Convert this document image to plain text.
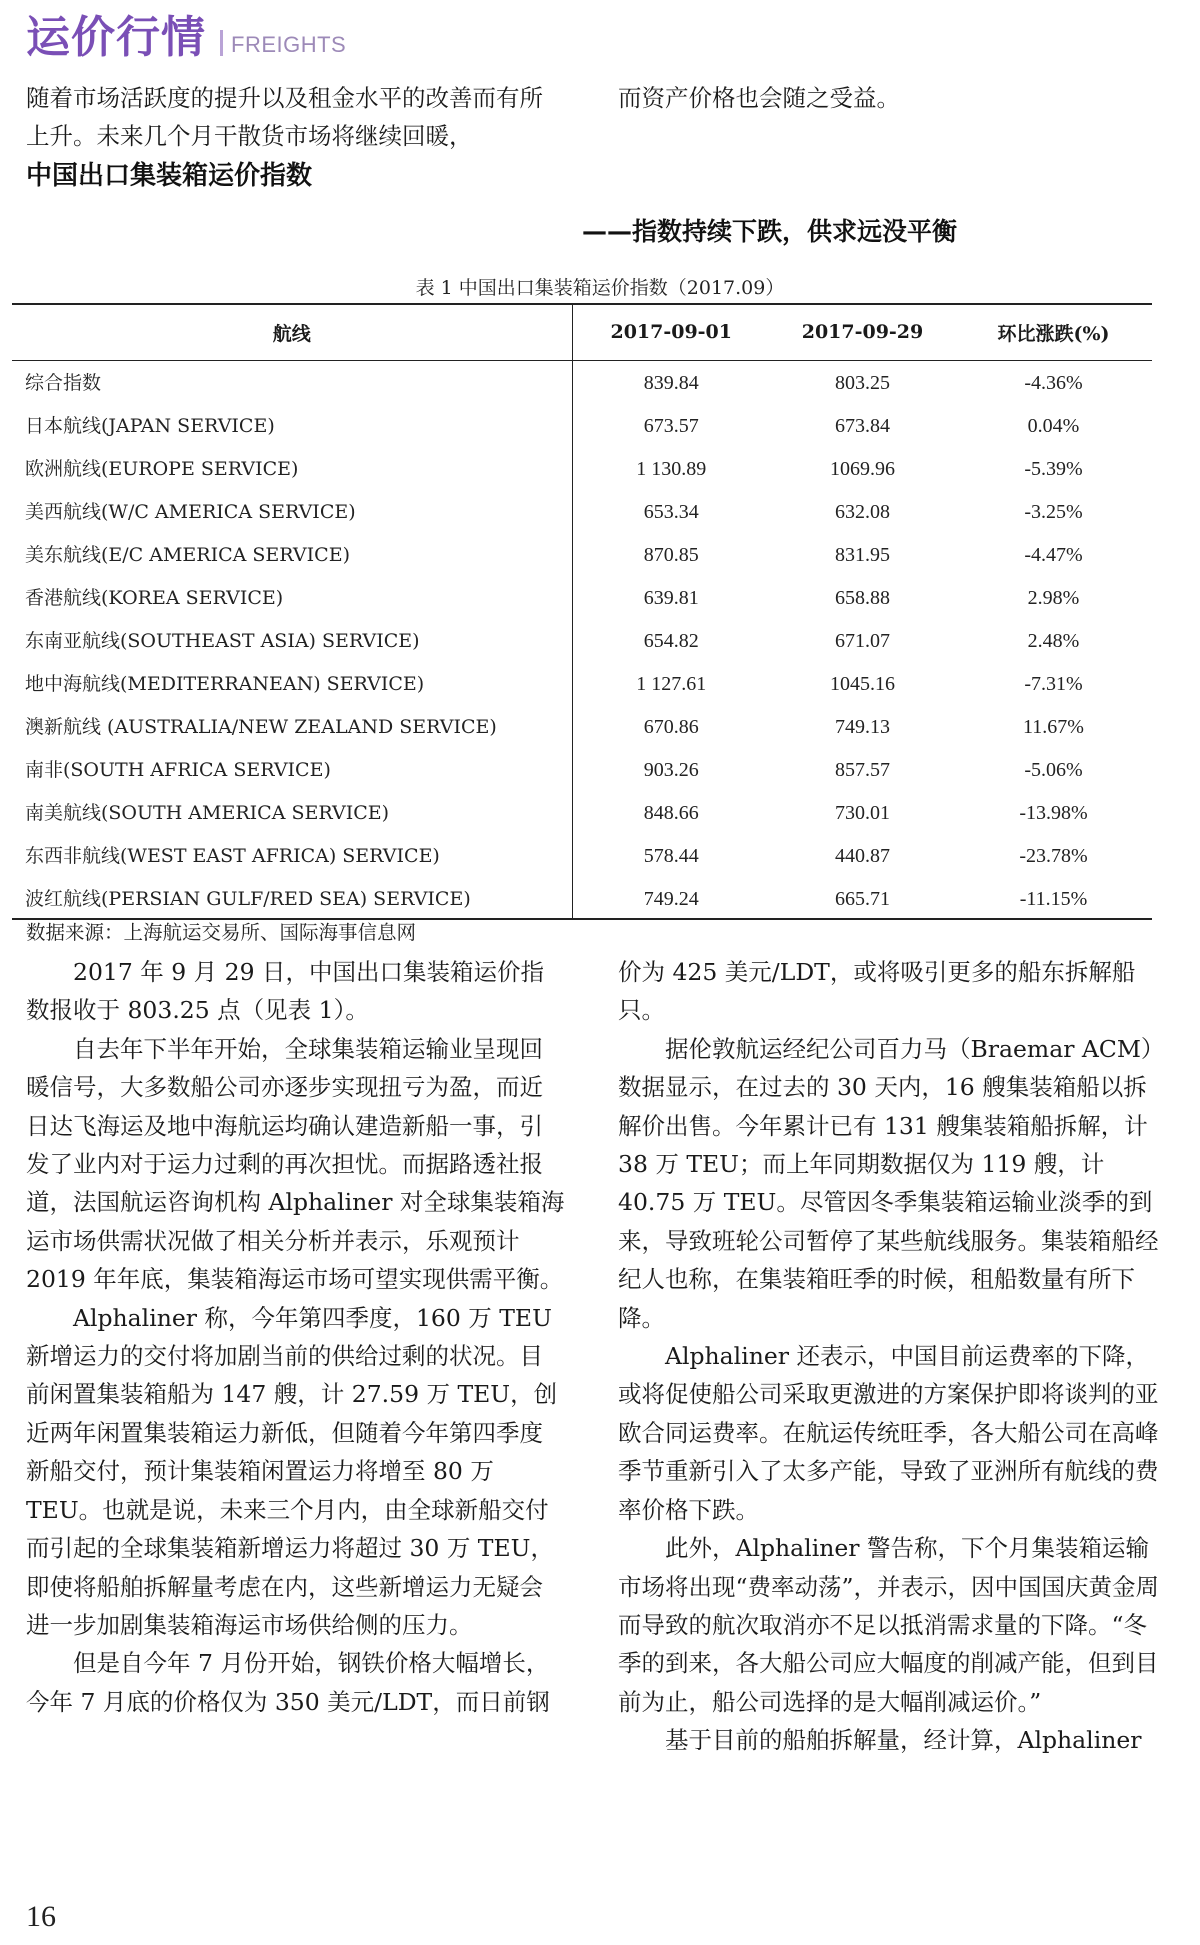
运价行情 FREIGHTS

随着市场活跃度的提升以及租金水平的改善而有所上升。未来几个月干散货市场将继续回暖，

而资产价格也会随之受益。

中国出口集装箱运价指数
——指数持续下跌，供求远没平衡
表 1 中国出口集装箱运价指数（2017.09）
航线	2017-09-01	2017-09-29	环比涨跌(%)
综合指数	839.84	803.25	-4.36%
日本航线(JAPAN SERVICE)	673.57	673.84	0.04%
欧洲航线(EUROPE SERVICE)	1 130.89	1069.96	-5.39%
美西航线(W/C AMERICA SERVICE)	653.34	632.08	-3.25%
美东航线(E/C AMERICA SERVICE)	870.85	831.95	-4.47%
香港航线(KOREA SERVICE)	639.81	658.88	2.98%
东南亚航线(SOUTHEAST ASIA) SERVICE)	654.82	671.07	2.48%
地中海航线(MEDITERRANEAN) SERVICE)	1 127.61	1045.16	-7.31%
澳新航线 (AUSTRALIA/NEW ZEALAND SERVICE)	670.86	749.13	11.67%
南非(SOUTH AFRICA SERVICE)	903.26	857.57	-5.06%
南美航线(SOUTH AMERICA SERVICE)	848.66	730.01	-13.98%
东西非航线(WEST EAST AFRICA) SERVICE)	578.44	440.87	-23.78%
波红航线(PERSIAN GULF/RED SEA) SERVICE)	749.24	665.71	-11.15%
数据来源：上海航运交易所、国际海事信息网

2017 年 9 月 29 日，中国出口集装箱运价指数报收于 803.25 点（见表 1）。

自去年下半年开始，全球集装箱运输业呈现回暖信号，大多数船公司亦逐步实现扭亏为盈，而近日达飞海运及地中海航运均确认建造新船一事，引发了业内对于运力过剩的再次担忧。而据路透社报道，法国航运咨询机构 Alphaliner 对全球集装箱海运市场供需状况做了相关分析并表示，乐观预计 2019 年年底，集装箱海运市场可望实现供需平衡。

Alphaliner 称，今年第四季度，160 万 TEU 新增运力的交付将加剧当前的供给过剩的状况。目前闲置集装箱船为 147 艘，计 27.59 万 TEU，创近两年闲置集装箱运力新低，但随着今年第四季度新船交付，预计集装箱闲置运力将增至 80 万 TEU。也就是说，未来三个月内，由全球新船交付而引起的全球集装箱新增运力将超过 30 万 TEU，即使将船舶拆解量考虑在内，这些新增运力无疑会进一步加剧集装箱海运市场供给侧的压力。

但是自今年 7 月份开始，钢铁价格大幅增长，今年 7 月底的价格仅为 350 美元/LDT，而日前钢

价为 425 美元/LDT，或将吸引更多的船东拆解船只。

据伦敦航运经纪公司百力马（Braemar ACM）数据显示，在过去的 30 天内，16 艘集装箱船以拆解价出售。今年累计已有 131 艘集装箱船拆解，计 38 万 TEU；而上年同期数据仅为 119 艘，计 40.75 万 TEU。尽管因冬季集装箱运输业淡季的到来，导致班轮公司暂停了某些航线服务。集装箱船经纪人也称，在集装箱旺季的时候，租船数量有所下降。

Alphaliner 还表示，中国目前运费率的下降，或将促使船公司采取更激进的方案保护即将谈判的亚欧合同运费率。在航运传统旺季，各大船公司在高峰季节重新引入了太多产能，导致了亚洲所有航线的费率价格下跌。

此外，Alphaliner 警告称，下个月集装箱运输市场将出现“费率动荡”，并表示，因中国国庆黄金周而导致的航次取消亦不足以抵消需求量的下降。“冬季的到来，各大船公司应大幅度的削减产能，但到目前为止，船公司选择的是大幅削减运价。”

基于目前的船舶拆解量，经计算，Alphaliner

16
